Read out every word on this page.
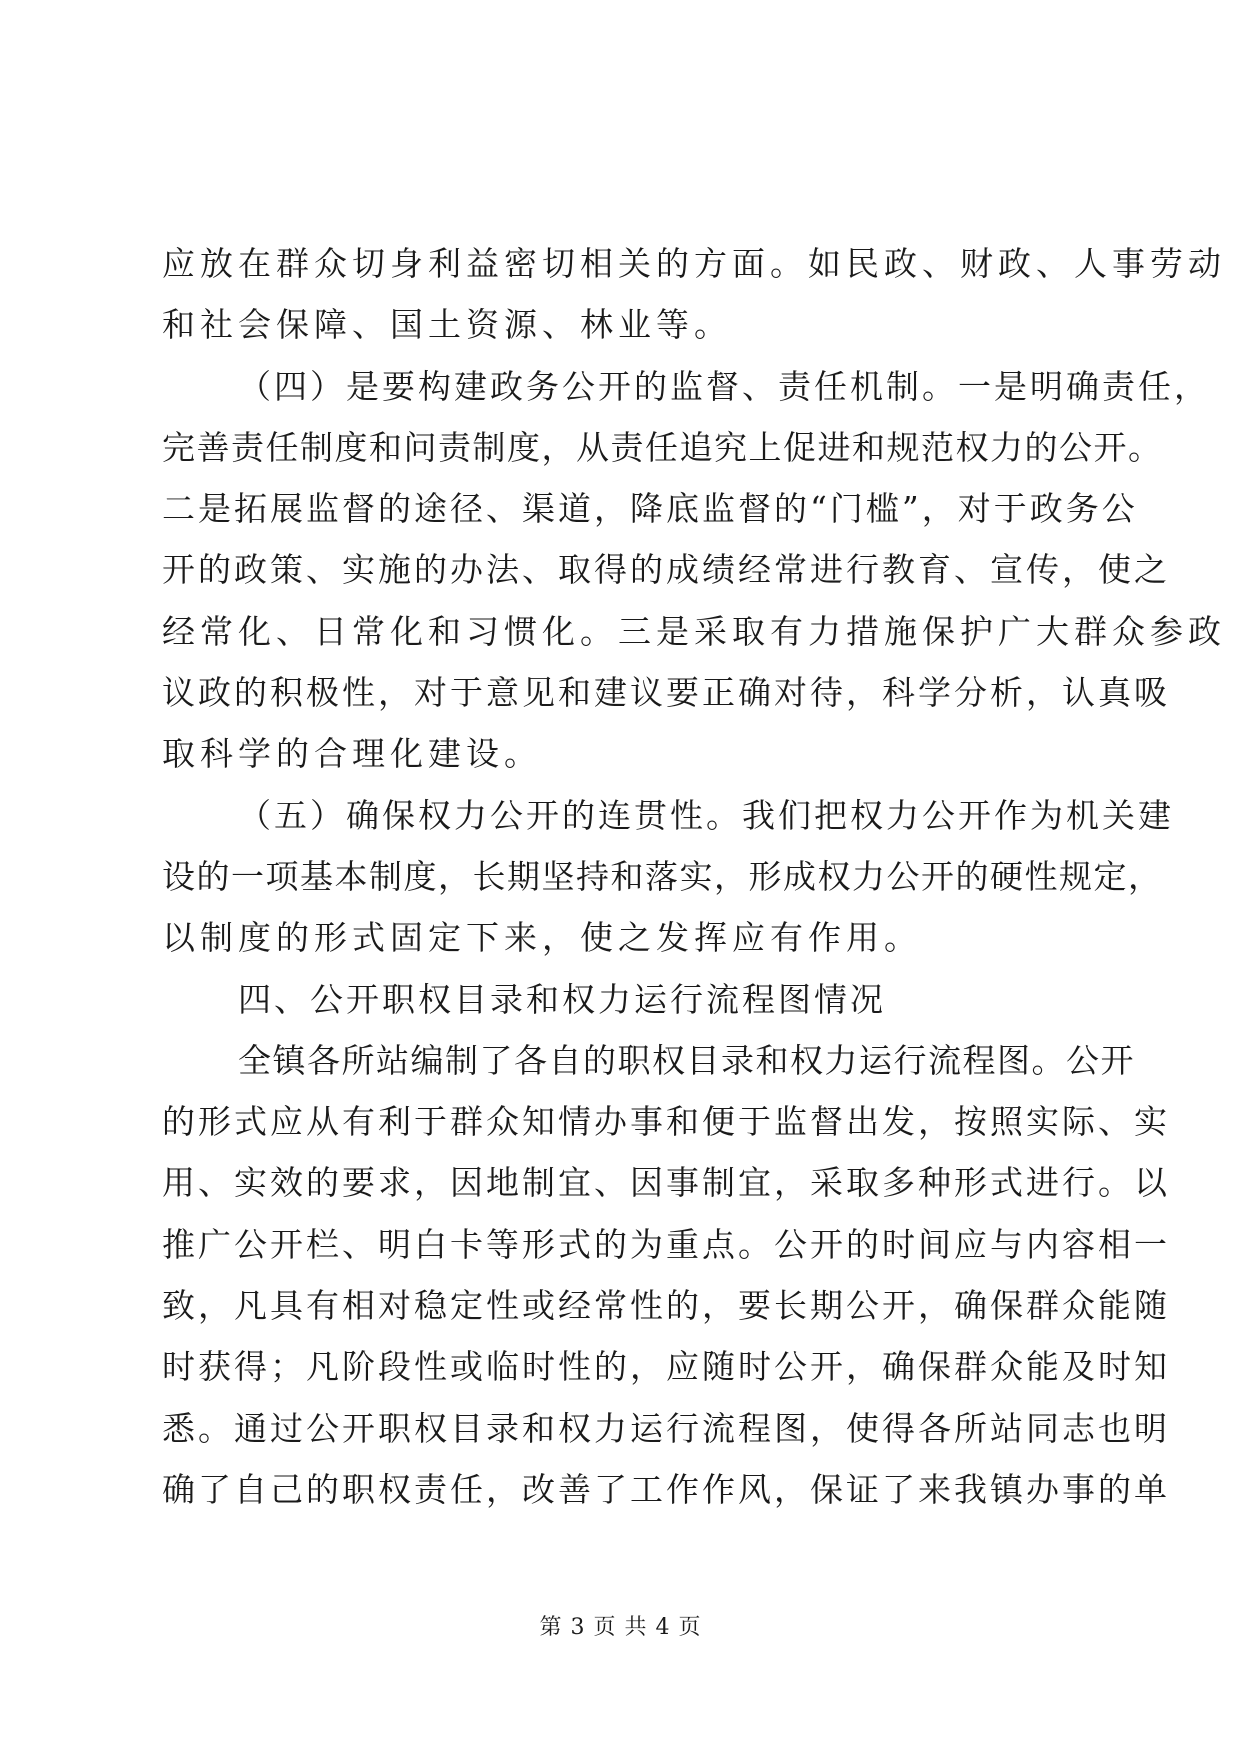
应放在群众切身利益密切相关的方面。如民政、财政、人事劳动
和社会保障、国土资源、林业等。
（四）是要构建政务公开的监督、责任机制。一是明确责任，
完善责任制度和问责制度，从责任追究上促进和规范权力的公开。
二是拓展监督的途径、渠道，降底监督的“门槛”，对于政务公
开的政策、实施的办法、取得的成绩经常进行教育、宣传，使之
经常化、日常化和习惯化。三是采取有力措施保护广大群众参政
议政的积极性，对于意见和建议要正确对待，科学分析，认真吸
取科学的合理化建设。
（五）确保权力公开的连贯性。我们把权力公开作为机关建
设的一项基本制度，长期坚持和落实，形成权力公开的硬性规定，
以制度的形式固定下来，使之发挥应有作用。
四、公开职权目录和权力运行流程图情况
全镇各所站编制了各自的职权目录和权力运行流程图。公开
的形式应从有利于群众知情办事和便于监督出发，按照实际、实
用、实效的要求，因地制宜、因事制宜，采取多种形式进行。以
推广公开栏、明白卡等形式的为重点。公开的时间应与内容相一
致，凡具有相对稳定性或经常性的，要长期公开，确保群众能随
时获得；凡阶段性或临时性的，应随时公开，确保群众能及时知
悉。通过公开职权目录和权力运行流程图，使得各所站同志也明
确了自己的职权责任，改善了工作作风，保证了来我镇办事的单
第 3 页 共 4 页
